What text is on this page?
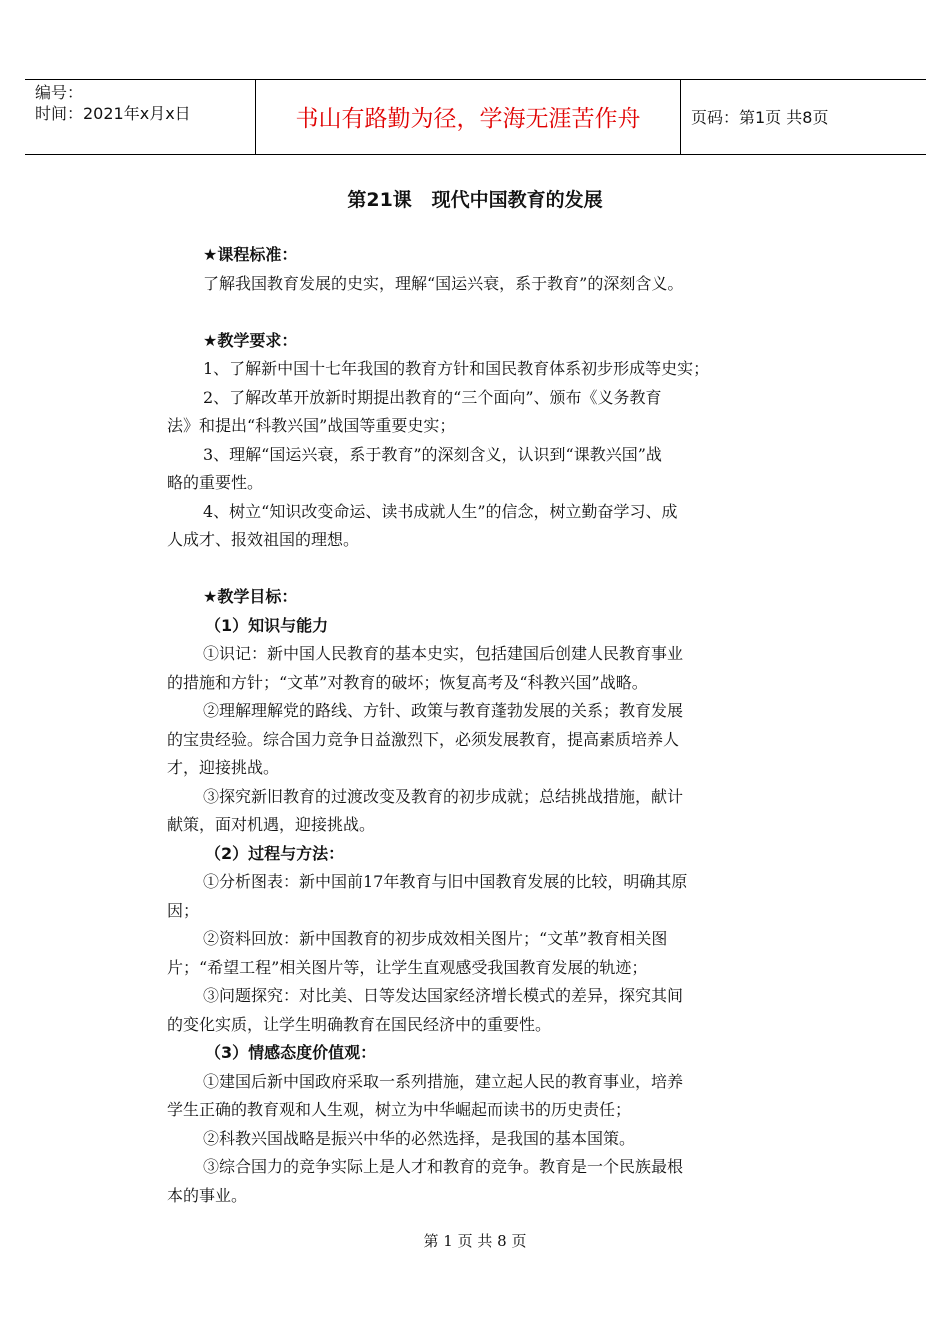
编号：
时间：2021年x月x日	书山有路勤为径，学海无涯苦作舟	页码：第1页 共8页
第21课   现代中国教育的发展
★课程标准：
了解我国教育发展的史实，理解“国运兴衰，系于教育”的深刻含义。
★教学要求：
1、了解新中国十七年我国的教育方针和国民教育体系初步形成等史实；
2、了解改革开放新时期提出教育的“三个面向”、颁布《义务教育
法》和提出“科教兴国”战国等重要史实；
3、理解“国运兴衰，系于教育”的深刻含义，认识到“课教兴国”战
略的重要性。
4、树立“知识改变命运、读书成就人生”的信念，树立勤奋学习、成
人成才、报效祖国的理想。
★教学目标：
（1）知识与能力
①识记：新中国人民教育的基本史实，包括建国后创建人民教育事业
的措施和方针；“文革”对教育的破坏；恢复高考及“科教兴国”战略。
②理解理解党的路线、方针、政策与教育蓬勃发展的关系；教育发展
的宝贵经验。综合国力竞争日益激烈下，必须发展教育，提高素质培养人
才，迎接挑战。
③探究新旧教育的过渡改变及教育的初步成就；总结挑战措施，献计
献策，面对机遇，迎接挑战。
（2）过程与方法：
①分析图表：新中国前17年教育与旧中国教育发展的比较，明确其原
因；
②资料回放：新中国教育的初步成效相关图片；“文革”教育相关图
片；“希望工程”相关图片等，让学生直观感受我国教育发展的轨迹；
③问题探究：对比美、日等发达国家经济增长模式的差异，探究其间
的变化实质，让学生明确教育在国民经济中的重要性。
（3）情感态度价值观：
①建国后新中国政府采取一系列措施，建立起人民的教育事业，培养
学生正确的教育观和人生观，树立为中华崛起而读书的历史责任；
②科教兴国战略是振兴中华的必然选择，是我国的基本国策。
③综合国力的竞争实际上是人才和教育的竞争。教育是一个民族最根
本的事业。
第 1 页 共 8 页
